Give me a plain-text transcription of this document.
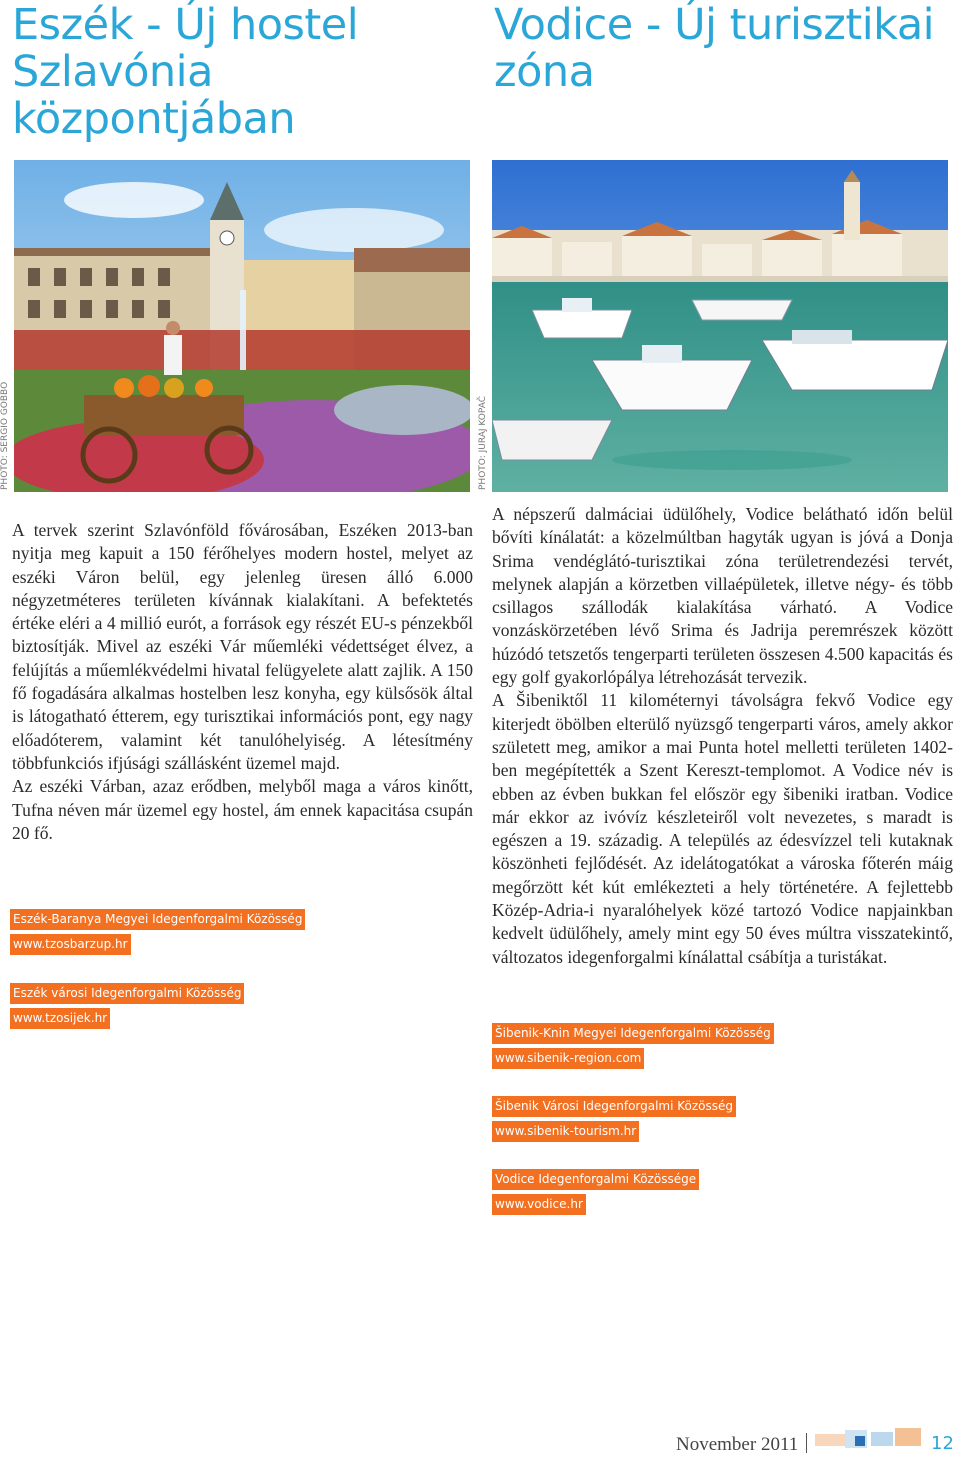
Eszék - Új hostel Szlavónia központjában
Vodice - Új turisztikai zóna
PHOTO: SERGIO GOBBO	PHOTO: JURAJ KOPAČ

A tervek szerint Szlavónföld fővárosában, Eszéken 2013-ban nyitja meg kapuit a 150 férőhelyes modern hostel, melyet az eszéki Váron belül, egy jelenleg üresen álló 6.000 négyzetméteres területen kívánnak kialakítani. A befektetés értéke eléri a 4 millió eurót, a források egy részét EU-s pénzekből biztosítják. Mivel az eszéki Vár műemléki védettséget élvez, a felújítás a műemlékvédelmi hivatal felügyelete alatt zajlik. A 150 fő fogadására alkalmas hostelben lesz konyha, egy külsősök által is látogatható étterem, egy turisztikai információs pont, egy nagy előadóterem, valamint két tanulóhelyiség. A létesítmény többfunkciós ifjúsági szállásként üzemel majd.

Az eszéki Várban, azaz erődben, melyből maga a város kinőtt, Tufna néven már üzemel egy hostel, ám ennek kapacitása csupán 20 fő.

A népszerű dalmáciai üdülőhely, Vodice belátható időn belül bővíti kínálatát: a közelmúltban hagyták ugyan is jóvá a Donja Srima vendéglátó-turisztikai zóna területrendezési tervét, melynek alapján a körzetben villaépületek, illetve négy- és több csillagos szállodák kialakítása várható. A Vodice vonzáskörzetében lévő Srima és Jadrija peremrészek között húzódó tetszetős tengerparti területen összesen 4.500 kapacitás és egy golf gyakorlópálya létrehozását tervezik.

A Šibeniktől 11 kilométernyi távolságra fekvő Vodice egy kiterjedt öbölben elterülő nyüzsgő tengerparti város, amely akkor született meg, amikor a mai Punta hotel melletti területen 1402-ben megépítették a Szent Kereszt-templomot. A Vodice név is ebben az évben bukkan fel először egy šibeniki iratban. Vodice már ekkor az ivóvíz készleteiről volt nevezetes, s maradt is egészen a 19. századig. A település az édesvízzel teli kutaknak köszönheti fejlődését. Az idelátogatókat a városka főterén máig megőrzött két kút emlékezteti a hely történetére. A fejlettebb Közép-Adria-i nyaralóhelyek közé tartozó Vodice napjainkban kedvelt üdülőhely, amely mint egy 50 éves múltra visszatekintő, változatos idegenforgalmi kínálattal csábítja a turistákat.

Eszék-Baranya Megyei Idegenforgalmi Közösség
www.tzosbarzup.hr
Eszék városi Idegenforgalmi Közösség
www.tzosijek.hr
Šibenik-Knin Megyei Idegenforgalmi Közösség
www.sibenik-region.com
Šibenik Városi Idegenforgalmi Közösség
www.sibenik-tourism.hr
Vodice Idegenforgalmi Közössége
www.vodice.hr
November 2011	12
